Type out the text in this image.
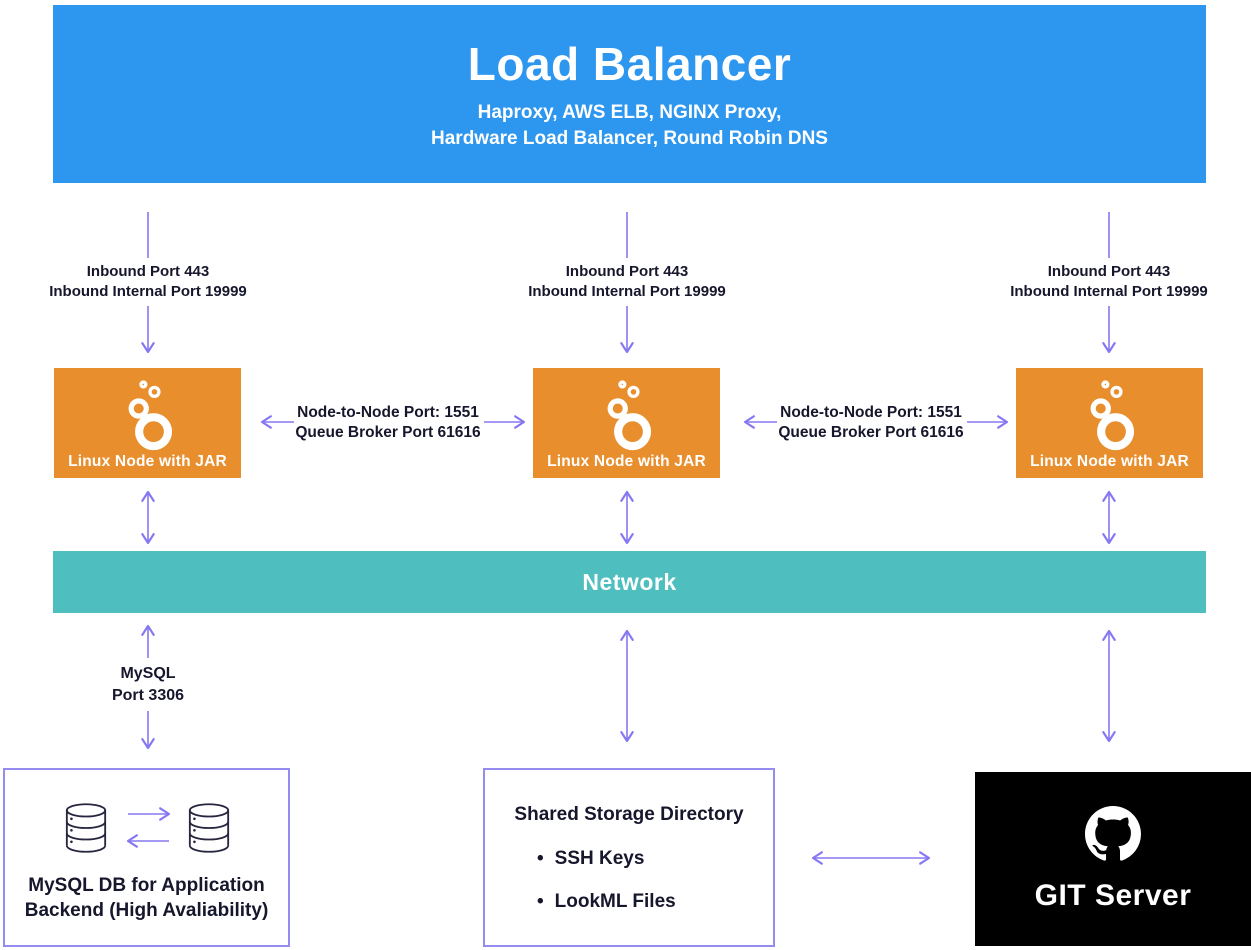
Load Balancer
Haproxy, AWS ELB, NGINX Proxy,
Hardware Load Balancer, Round Robin DNS
Inbound Port 443
Inbound Internal Port 19999
Inbound Port 443
Inbound Internal Port 19999
Inbound Port 443
Inbound Internal Port 19999
Linux Node with JAR	Linux Node with JAR	Linux Node with JAR
Node-to-Node Port: 1551
Queue Broker Port 61616
Node-to-Node Port: 1551
Queue Broker Port 61616
Network
MySQL
Port 3306
MySQL DB for Application
Backend (High Avaliability)
Shared Storage Directory
• SSH Keys
• LookML Files	GIT Server
